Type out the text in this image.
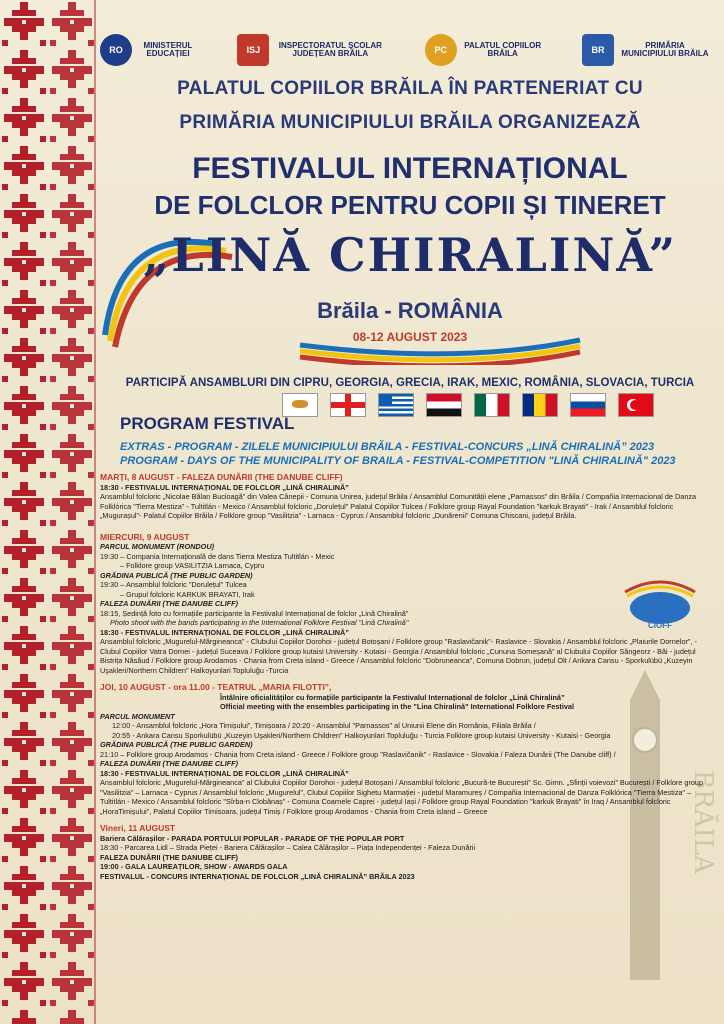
RO	MINISTERUL EDUCAȚIEI	ISJ	INSPECTORATUL ȘCOLAR JUDEȚEAN BRĂILA	PC	PALATUL COPIILOR BRĂILA	BR	PRIMĂRIA MUNICIPIULUI BRĂILA
PALATUL COPIILOR BRĂILA ÎN PARTENERIAT CU
PRIMĂRIA MUNICIPIULUI BRĂILA ORGANIZEAZĂ
FESTIVALUL INTERNAȚIONAL
DE FOLCLOR PENTRU COPII ȘI TINERET
„LINĂ CHIRALINĂ”
Brăila - ROMÂNIA
08-12 AUGUST 2023
PARTICIPĂ ANSAMBLURI DIN CIPRU, GEORGIA, GRECIA, IRAK, MEXIC, ROMÂNIA, SLOVACIA, TURCIA
PROGRAM FESTIVAL
EXTRAS - PROGRAM - ZILELE MUNICIPIULUI BRĂILA - FESTIVAL-CONCURS „LINĂ CHIRALINĂ” 2023
PROGRAM - DAYS OF THE MUNICIPALITY OF BRAILA - FESTIVAL-COMPETITION "LINĂ CHIRALINĂ" 2023
CIOFF
BRĂILA
MARȚI, 8 AUGUST - FALEZA DUNĂRII (THE DANUBE CLIFF)
18:30 - FESTIVALUL INTERNAȚIONAL DE FOLCLOR „LINĂ CHIRALINĂ”
Ansamblul folcloric „Nicolae Bălan Bucioagă” din Valea Cânepii - Comuna Unirea, județul Brăila / Ansamblul Comunității elene „Parnassos” din Brăila / Compañia Internacional de Danza Folklórica "Tierra Mestiza" - Tultitlán - Mexico / Ansamblul folcloric „Dorulețul” Palatul Copiilor Tulcea / Folklore group Rayal Foundation "karkuk Brayati" - Irak / Ansamblul folcloric „Mugurașul”- Palatul Copiilor Brăila / Folklore group "Vasilitzia" - Larnaca - Cyprus / Ansamblul folcloric „Dunărenii” Comuna Chiscani, județul Brăila.
MIERCURI, 9 AUGUST
PARCUL MONUMENT (RONDOU)
19:30 – Compania Internațională de dans Tierra Mestiza Tultitlán - Mexic
– Folklore group VASILITZIA Larnaca, Cypru
GRĂDINA PUBLICĂ (THE PUBLIC GARDEN)
19:30 – Ansamblul folcloric "Dorulețul" Tulcea
– Grupul folcloric KARKUK BRAYATI, Irak
FALEZA DUNĂRII (THE DANUBE CLIFF)
18:15, Ședință foto cu formațiile participante la Festivalul Internațional de folclor „Lină Chiralină”
Photo shoot with the bands participating in the International Folklore Festival "Lină Chiralină"
18:30 - FESTIVALUL INTERNAȚIONAL DE FOLCLOR „LINĂ CHIRALINĂ”
Ansamblul folcloric „Mugurelul-Mărgineanca” - Clubului Copiilor Dorohoi - județul Botoșani / Folklore group "Raslavičanik"- Raslavice - Slovakia / Ansamblul folcloric „Plaiurile Dornelor”, - Clubul Copiilor Vatra Dornei - județul Suceava / Folklore group kutaisi University - Kutaisi - Georgia / Ansamblul folcloric „Cununa Someșană” al Clubului Copiilor Sângeorz - Băi - județul Bistrița Năsăud / Folklore group Arodamos - Chania from Creta island - Greece / Ansamblul folcloric "Dobruneanca", Comuna Dobrun, județul Olt / Ankara Cansu - Sporkulübü „Kuzeyin Uşakleri/Northern Children" Halkoyunlari Topluluğu -Turcia
JOI, 10 AUGUST - ora 11.00 - TEATRUL „MARIA FILOTTI”,
Întâlnire oficialităților cu formațiile participante la Festivalul Internațional de folclor „Lină Chiralină”
Official meeting with the ensembles participating in the "Lina Chiralină" International Folklore Festival
PARCUL MONUMENT
12:00 - Ansamblul folcloric „Hora Timișului”, Timișoara / 20:20 - Ansamblul "Parnassos" al Uniunii Elene din România, Filiala Brăila /
20:55 - Ankara Cansu Sporkulübü „Kuzeyin Uşakleri/Northern Children" Halkoyunlari Topluluğu - Turcia Folklore group kutaisi University - Kutaisi - Georgia
GRĂDINA PUBLICĂ (THE PUBLIC GARDEN)
21:10 – Folklore group Arodamos - Chania from Creta island - Greece / Folklore group "Raslavičanik" - Raslavice - Slovakia / Faleza Dunării (The Danube cliff) /
FALEZA DUNĂRII (THE DANUBE CLIFF)
18:30 - FESTIVALUL INTERNAȚIONAL DE FOLCLOR „LINĂ CHIRALINĂ”
Ansamblul folcloric „Mugurelul-Mărgineanca” al Clubului Copiilor Dorohoi - județul Botoșani / Ansamblul folcloric „Bucură-te București” Sc. Gimn. „Sfinții voievozi” București / Folklore group "Vasilitzia" – Larnaca - Cyprus / Ansamblul folcloric „Mugurelul”, Clubul Copiilor Sighetu Marmației - județul Maramureș / Compañia Internacional de Danza Folklórica "Tierra Mestiza" – Tultitlán - Mexico / Ansamblul folcloric "Sîrba-n Clobănaș" - Comuna Coarnele Caprei - județul Iași / Folklore group Rayal Foundation "karkuk Brayati" în Iraq / Ansamblul folcloric „HoraTimișului”, Palatul Copiilor Timisoara, județul Timiș / Folklore group Arodamos - Chania from Creta island – Greece
Vineri, 11 AUGUST
Bariera Călărașilor - PARADA PORTULUI POPULAR - PARADE OF THE POPULAR PORT
18:30 - Parcarea Lidl – Strada Pieței - Bariera Călărașilor – Calea Călărașilor – Piața Independenței - Faleza Dunării
FALEZA DUNĂRII (THE DANUBE CLIFF)
19:00 - GALA LAUREAȚILOR, SHOW - AWARDS GALA
FESTIVALUL - CONCURS INTERNAȚIONAL DE FOLCLOR „LINĂ CHIRALINĂ” BRĂILA 2023
